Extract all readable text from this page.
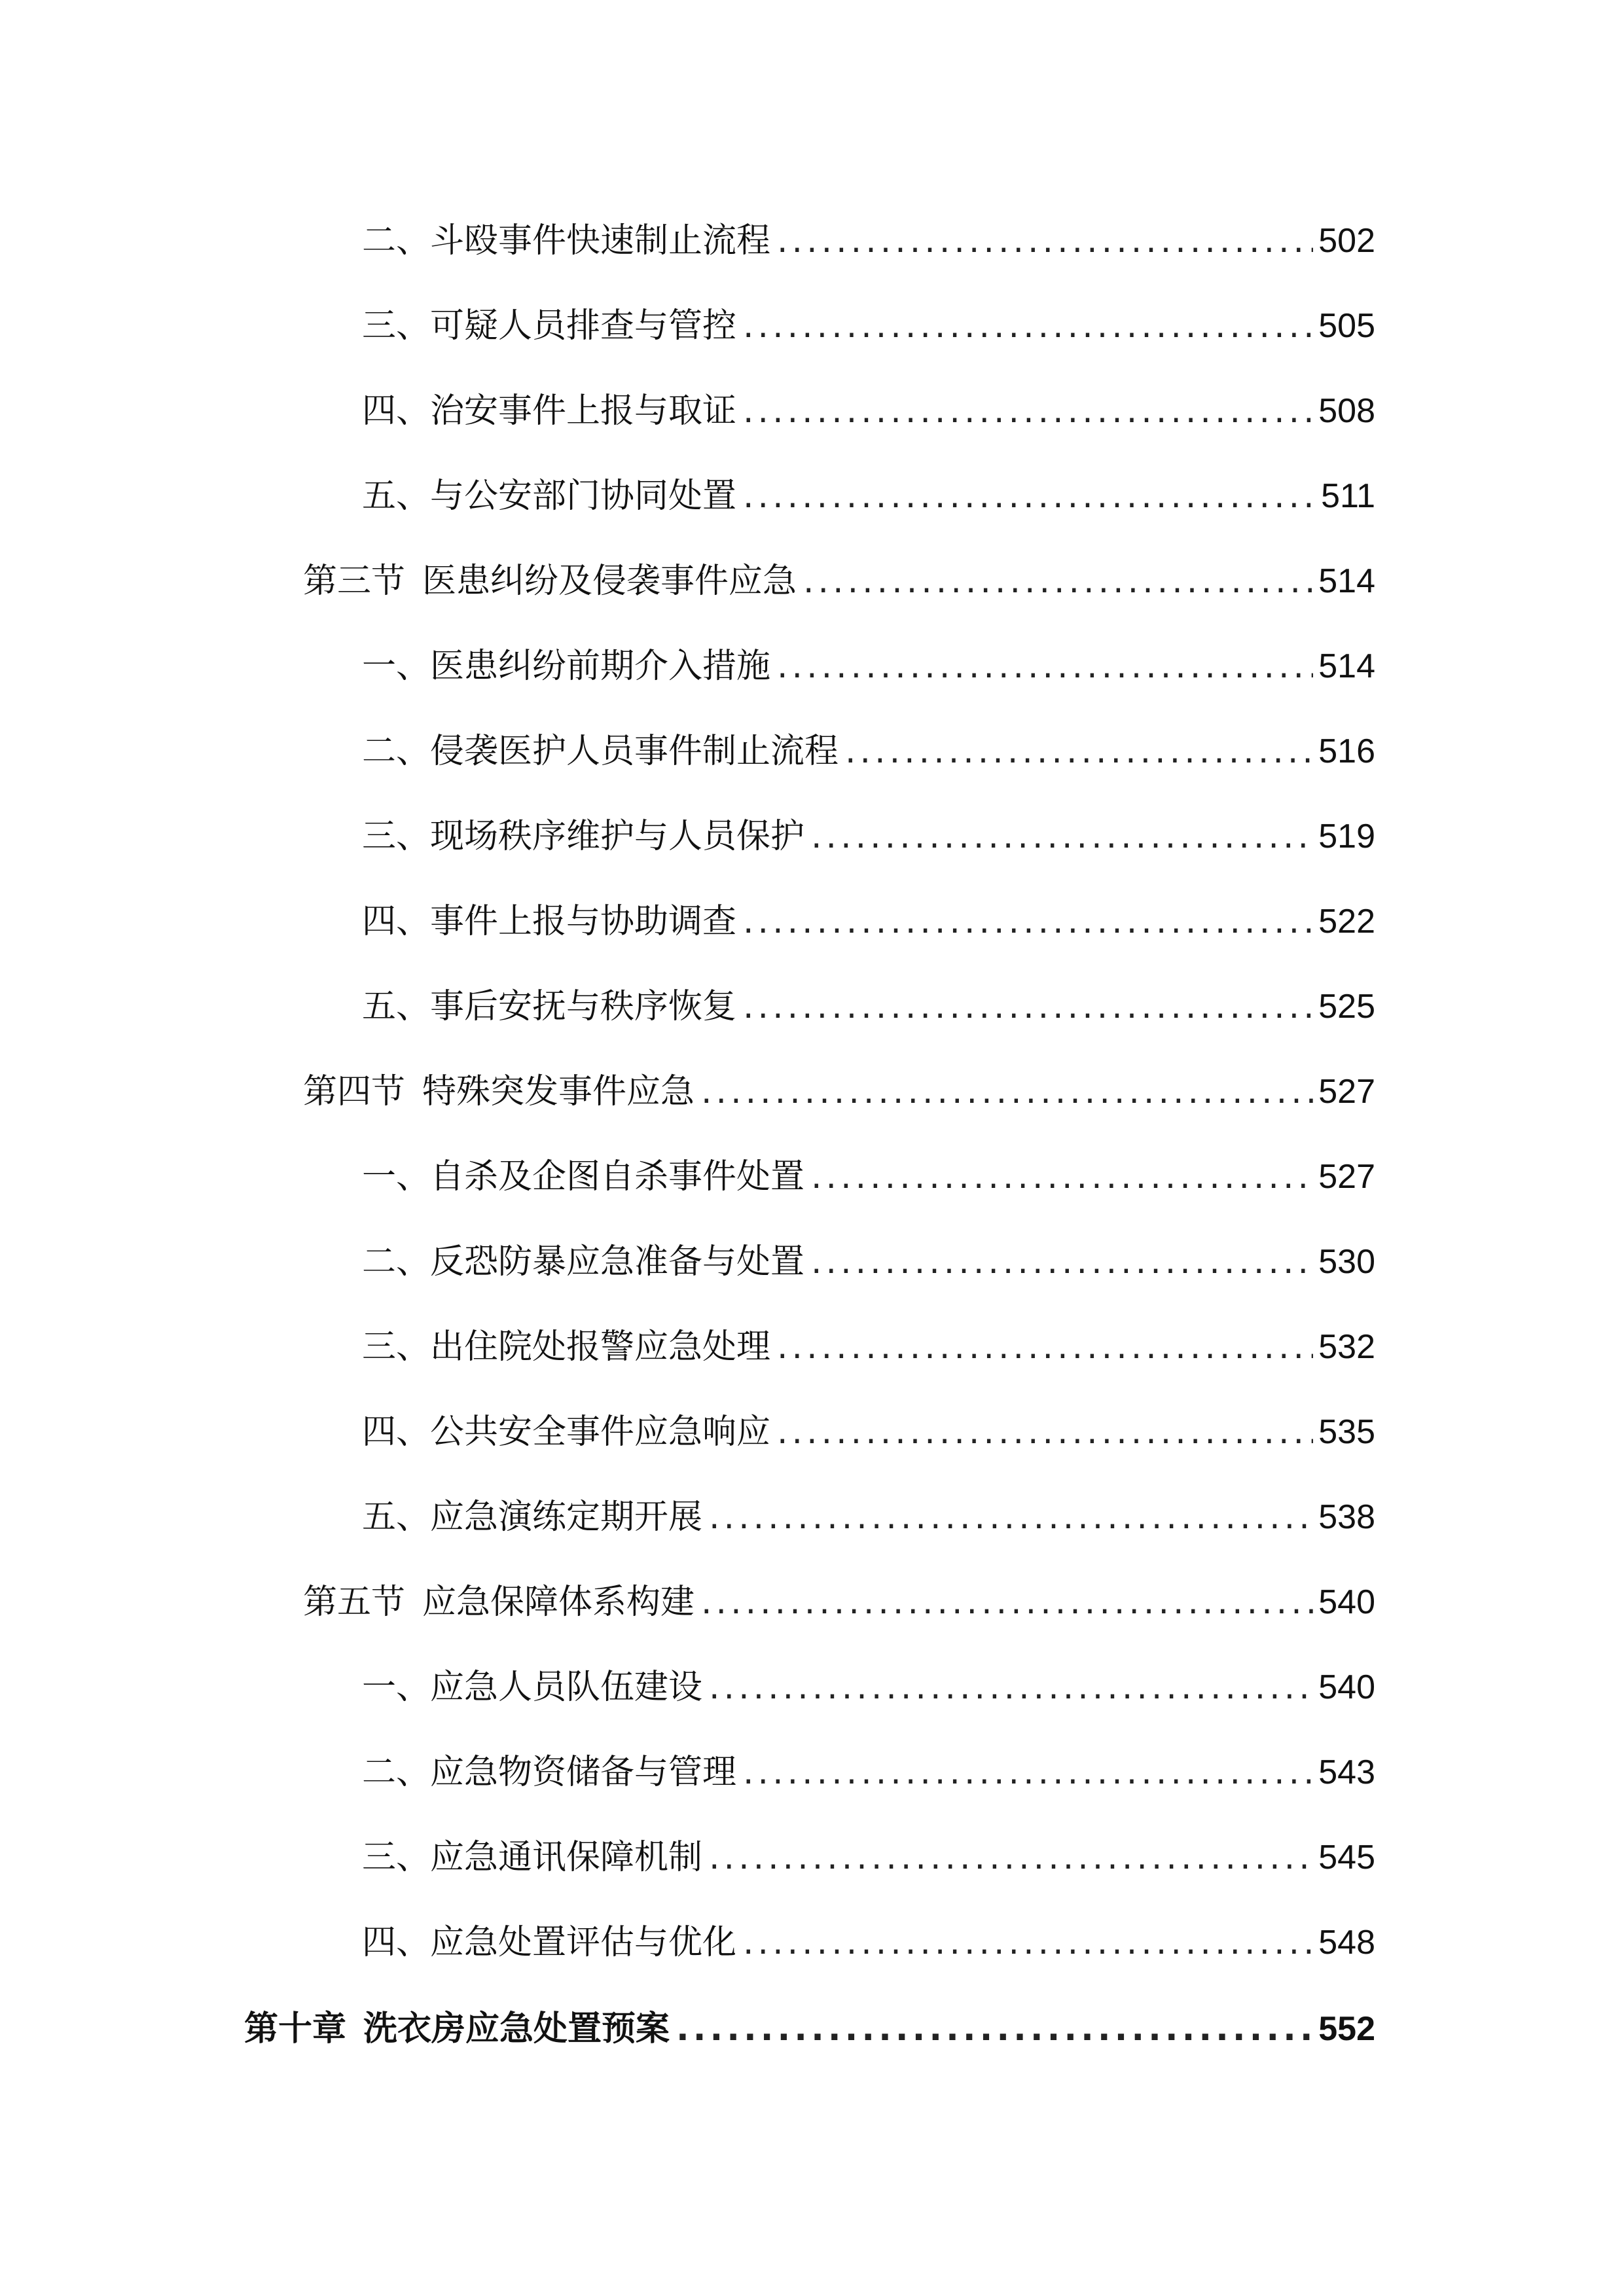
二、斗殴事件快速制止流程 .....	502
三、可疑人员排查与管控 .....	505
四、治安事件上报与取证 .....	508
五、与公安部门协同处置 .....	511
第三节 医患纠纷及侵袭事件应急 .....	514
一、医患纠纷前期介入措施 .....	514
二、侵袭医护人员事件制止流程 .....	516
三、现场秩序维护与人员保护 .....	519
四、事件上报与协助调查 .....	522
五、事后安抚与秩序恢复 .....	525
第四节 特殊突发事件应急 .....	527
一、自杀及企图自杀事件处置 .....	527
二、反恐防暴应急准备与处置 .....	530
三、出住院处报警应急处理 .....	532
四、公共安全事件应急响应 .....	535
五、应急演练定期开展 .....	538
第五节 应急保障体系构建 .....	540
一、应急人员队伍建设 .....	540
二、应急物资储备与管理 .....	543
三、应急通讯保障机制 .....	545
四、应急处置评估与优化 .....	548
第十章 洗衣房应急处置预案 .....	552
